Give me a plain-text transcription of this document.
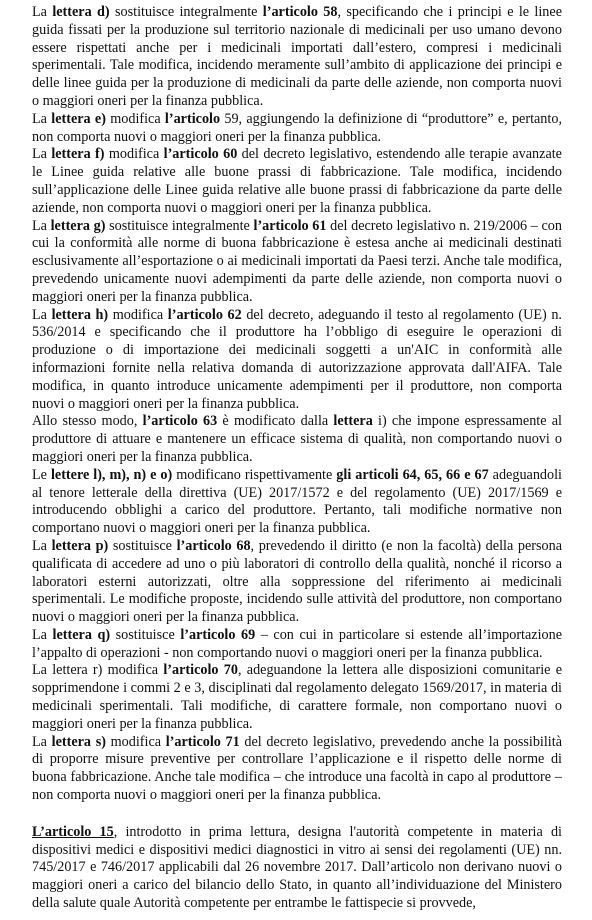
La lettera d) sostituisce integralmente l’articolo 58, specificando che i principi e le linee guida fissati per la produzione sul territorio nazionale di medicinali per uso umano devono essere rispettati anche per i medicinali importati dall’estero, compresi i medicinali sperimentali. Tale modifica, incidendo meramente sull’ambito di applicazione dei principi e delle linee guida per la produzione di medicinali da parte delle aziende, non comporta nuovi o maggiori oneri per la finanza pubblica.

La lettera e) modifica l’articolo 59, aggiungendo la definizione di “produttore” e, pertanto, non comporta nuovi o maggiori oneri per la finanza pubblica.

La lettera f) modifica l’articolo 60 del decreto legislativo, estendendo alle terapie avanzate le Linee guida relative alle buone prassi di fabbricazione. Tale modifica, incidendo sull’applicazione delle Linee guida relative alle buone prassi di fabbricazione da parte delle aziende, non comporta nuovi o maggiori oneri per la finanza pubblica.

La lettera g) sostituisce integralmente l’articolo 61 del decreto legislativo n. 219/2006 – con cui la conformità alle norme di buona fabbricazione è estesa anche ai medicinali destinati esclusivamente all’esportazione o ai medicinali importati da Paesi terzi. Anche tale modifica, prevedendo unicamente nuovi adempimenti da parte delle aziende, non comporta nuovi o maggiori oneri per la finanza pubblica.

La lettera h) modifica l’articolo 62 del decreto, adeguando il testo al regolamento (UE) n. 536/2014 e specificando che il produttore ha l’obbligo di eseguire le operazioni di produzione o di importazione dei medicinali soggetti a un'AIC in conformità alle informazioni fornite nella relativa domanda di autorizzazione approvata dall'AIFA. Tale modifica, in quanto introduce unicamente adempimenti per il produttore, non comporta nuovi o maggiori oneri per la finanza pubblica.

Allo stesso modo, l’articolo 63 è modificato dalla lettera i) che impone espressamente al produttore di attuare e mantenere un efficace sistema di qualità, non comportando nuovi o maggiori oneri per la finanza pubblica.

Le lettere l), m), n) e o) modificano rispettivamente gli articoli 64, 65, 66 e 67 adeguandoli al tenore letterale della direttiva (UE) 2017/1572 e del regolamento (UE) 2017/1569 e introducendo obblighi a carico del produttore. Pertanto, tali modifiche normative non comportano nuovi o maggiori oneri per la finanza pubblica.

La lettera p) sostituisce l’articolo 68, prevedendo il diritto (e non la facoltà) della persona qualificata di accedere ad uno o più laboratori di controllo della qualità, nonché il ricorso a laboratori esterni autorizzati, oltre alla soppressione del riferimento ai medicinali sperimentali. Le modifiche proposte, incidendo sulle attività del produttore, non comportano nuovi o maggiori oneri per la finanza pubblica.

La lettera q) sostituisce l’articolo 69 – con cui in particolare si estende all’importazione l’appalto di operazioni - non comportando nuovi o maggiori oneri per la finanza pubblica.

La lettera r) modifica l’articolo 70, adeguandone la lettera alle disposizioni comunitarie e sopprimendone i commi 2 e 3, disciplinati dal regolamento delegato 1569/2017, in materia di medicinali sperimentali. Tali modifiche, di carattere formale, non comportano nuovi o maggiori oneri per la finanza pubblica.

La lettera s) modifica l’articolo 71 del decreto legislativo, prevedendo anche la possibilità di proporre misure preventive per controllare l’applicazione e il rispetto delle norme di buona fabbricazione. Anche tale modifica – che introduce una facoltà in capo al produttore – non comporta nuovi o maggiori oneri per la finanza pubblica.

L’articolo 15, introdotto in prima lettura, designa l'autorità competente in materia di dispositivi medici e dispositivi medici diagnostici in vitro ai sensi dei regolamenti (UE) nn. 745/2017 e 746/2017 applicabili dal 26 novembre 2017. Dall’articolo non derivano nuovi o maggiori oneri a carico del bilancio dello Stato, in quanto all’individuazione del Ministero della salute quale Autorità competente per entrambe le fattispecie si provvede,
